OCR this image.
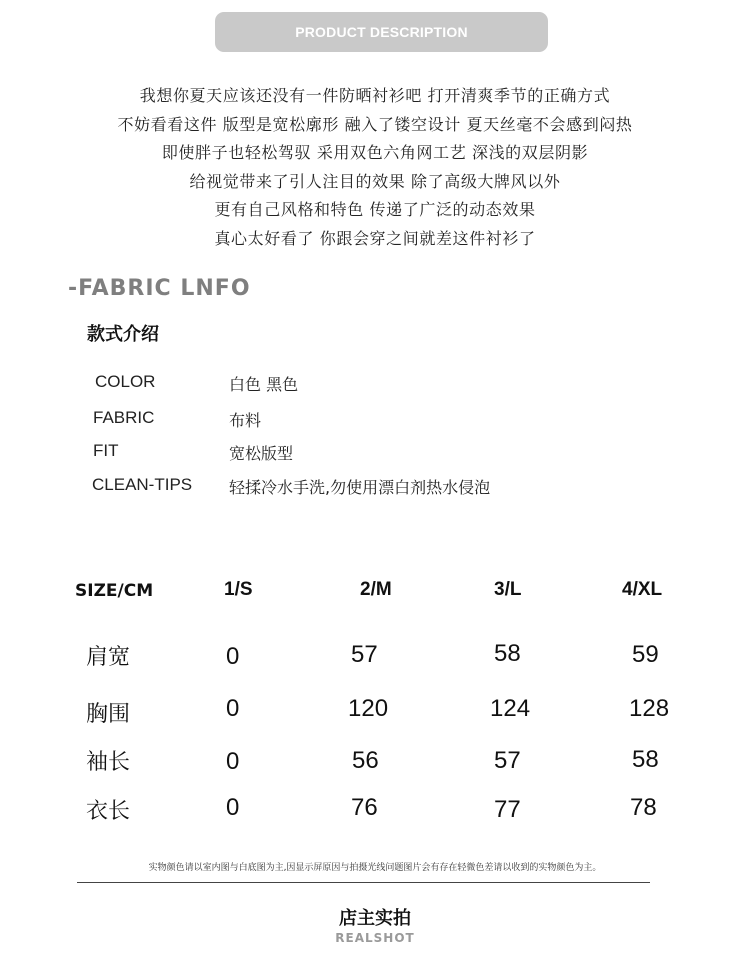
PRODUCT DESCRIPTION
我想你夏天应该还没有一件防晒衬衫吧 打开清爽季节的正确方式
不妨看看这件 版型是宽松廓形 融入了镂空设计 夏天丝毫不会感到闷热
即使胖子也轻松驾驭 采用双色六角网工艺 深浅的双层阴影
给视觉带来了引人注目的效果 除了高级大牌风以外
更有自己风格和特色 传递了广泛的动态效果
真心太好看了 你跟会穿之间就差这件衬衫了
-FABRIC LNFO
款式介绍
COLOR	白色 黑色
FABRIC	布料
FIT	宽松版型
CLEAN-TIPS 轻揉冷水手洗,勿使用漂白剂热水侵泡
SIZE/CM	1/S	2/M	3/L	4/XL
肩宽	0	57	58	59
胸围	0	120	124	128
袖长	0	56	57	58
衣长	0	76	77	78
实物颜色请以室内图与白底图为主,因显示屏原因与拍摄光线问题图片会有存在轻微色差请以收到的实物颜色为主。
店主实拍
REALSHOT
